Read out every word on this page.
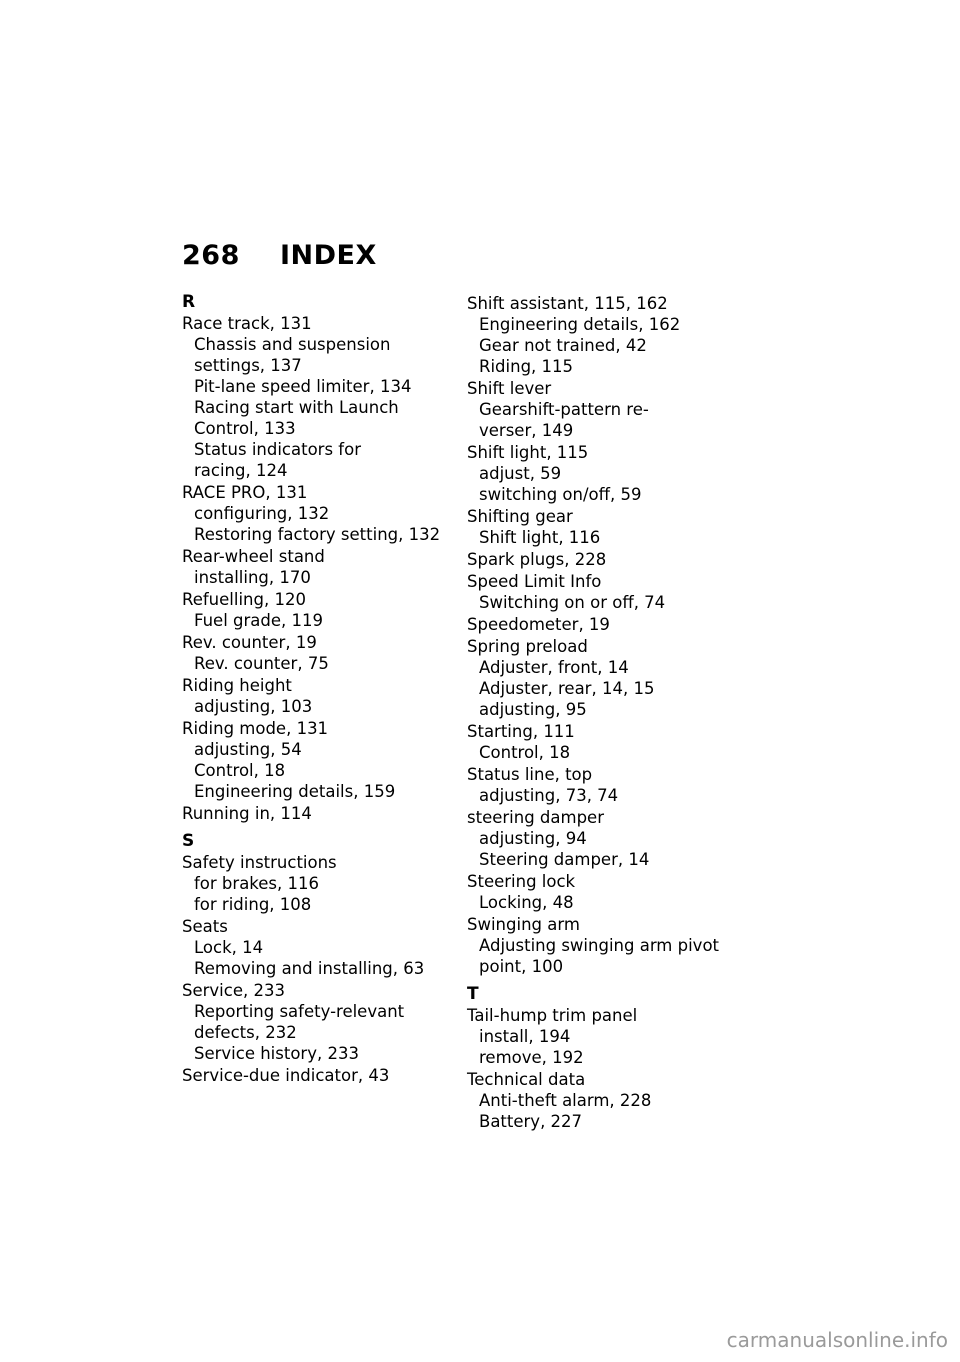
268 INDEX
R
Race track, 131
Chassis and suspension
settings, 137
Pit-lane speed limiter, 134
Racing start with Launch
Control, 133
Status indicators for
racing, 124
RACE PRO, 131
configuring, 132
Restoring factory setting, 132
Rear-wheel stand
installing, 170
Refuelling, 120
Fuel grade, 119
Rev. counter, 19
Rev. counter, 75
Riding height
adjusting, 103
Riding mode, 131
adjusting, 54
Control, 18
Engineering details, 159
Running in, 114
S
Safety instructions
for brakes, 116
for riding, 108
Seats
Lock, 14
Removing and installing, 63
Service, 233
Reporting safety-relevant
defects, 232
Service history, 233
Service-due indicator, 43
Shift assistant, 115, 162
Engineering details, 162
Gear not trained, 42
Riding, 115
Shift lever
Gearshift-pattern re-
verser, 149
Shift light, 115
adjust, 59
switching on/off, 59
Shifting gear
Shift light, 116
Spark plugs, 228
Speed Limit Info
Switching on or off, 74
Speedometer, 19
Spring preload
Adjuster, front, 14
Adjuster, rear, 14, 15
adjusting, 95
Starting, 111
Control, 18
Status line, top
adjusting, 73, 74
steering damper
adjusting, 94
Steering damper, 14
Steering lock
Locking, 48
Swinging arm
Adjusting swinging arm pivot
point, 100
T
Tail-hump trim panel
install, 194
remove, 192
Technical data
Anti-theft alarm, 228
Battery, 227
carmanualsonline.info
